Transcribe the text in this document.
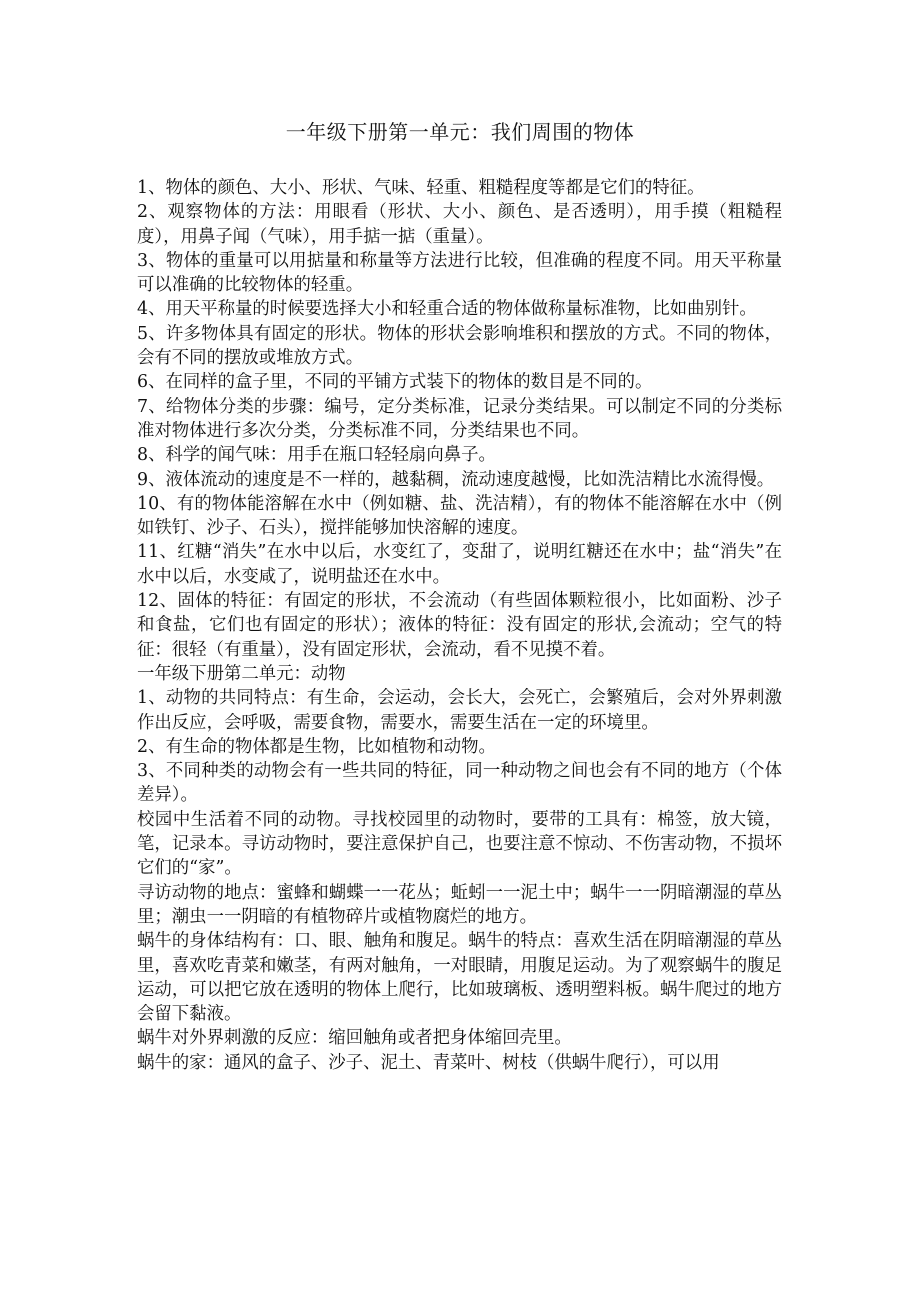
一年级下册第一单元：我们周围的物体

1、物体的颜色、大小、形状、气味、轻重、粗糙程度等都是它们的特征。

2、观察物体的方法：用眼看（形状、大小、颜色、是否透明），用手摸（粗糙程度），用鼻子闻（气味），用手掂一掂（重量）。

3、物体的重量可以用掂量和称量等方法进行比较，但准确的程度不同。用天平称量可以准确的比较物体的轻重。

4、用天平称量的时候要选择大小和轻重合适的物体做称量标准物，比如曲别针。

5、许多物体具有固定的形状。物体的形状会影响堆积和摆放的方式。不同的物体，会有不同的摆放或堆放方式。

6、在同样的盒子里，不同的平铺方式装下的物体的数目是不同的。

7、给物体分类的步骤：编号，定分类标准，记录分类结果。可以制定不同的分类标准对物体进行多次分类，分类标准不同，分类结果也不同。

8、科学的闻气味：用手在瓶口轻轻扇向鼻子。

9、液体流动的速度是不一样的，越黏稠，流动速度越慢，比如洗洁精比水流得慢。

10、有的物体能溶解在水中（例如糖、盐、洗洁精），有的物体不能溶解在水中（例如铁钉、沙子、石头），搅拌能够加快溶解的速度。

11、红糖“消失”在水中以后，水变红了，变甜了，说明红糖还在水中；盐“消失”在水中以后，水变咸了，说明盐还在水中。

12、固体的特征：有固定的形状，不会流动（有些固体颗粒很小，比如面粉、沙子和食盐，它们也有固定的形状）；液体的特征：没有固定的形状,会流动；空气的特征：很轻（有重量），没有固定形状，会流动，看不见摸不着。

一年级下册第二单元：动物

1、动物的共同特点：有生命，会运动，会长大，会死亡，会繁殖后，会对外界刺激作出反应，会呼吸，需要食物，需要水，需要生活在一定的环境里。

2、有生命的物体都是生物，比如植物和动物。

3、不同种类的动物会有一些共同的特征，同一种动物之间也会有不同的地方（个体差异）。

校园中生活着不同的动物。寻找校园里的动物时，要带的工具有：棉签，放大镜，笔，记录本。寻访动物时，要注意保护自己，也要注意不惊动、不伤害动物，不损坏它们的“家”。

寻访动物的地点：蜜蜂和蝴蝶一一花丛；蚯蚓一一泥土中；蜗牛一一阴暗潮湿的草丛里；潮虫一一阴暗的有植物碎片或植物腐烂的地方。

蜗牛的身体结构有：口、眼、触角和腹足。蜗牛的特点：喜欢生活在阴暗潮湿的草丛里，喜欢吃青菜和嫩茎，有两对触角，一对眼睛，用腹足运动。为了观察蜗牛的腹足运动，可以把它放在透明的物体上爬行，比如玻璃板、透明塑料板。蜗牛爬过的地方会留下黏液。

蜗牛对外界刺激的反应：缩回触角或者把身体缩回壳里。

蜗牛的家：通风的盒子、沙子、泥土、青菜叶、树枝（供蜗牛爬行），可以用
